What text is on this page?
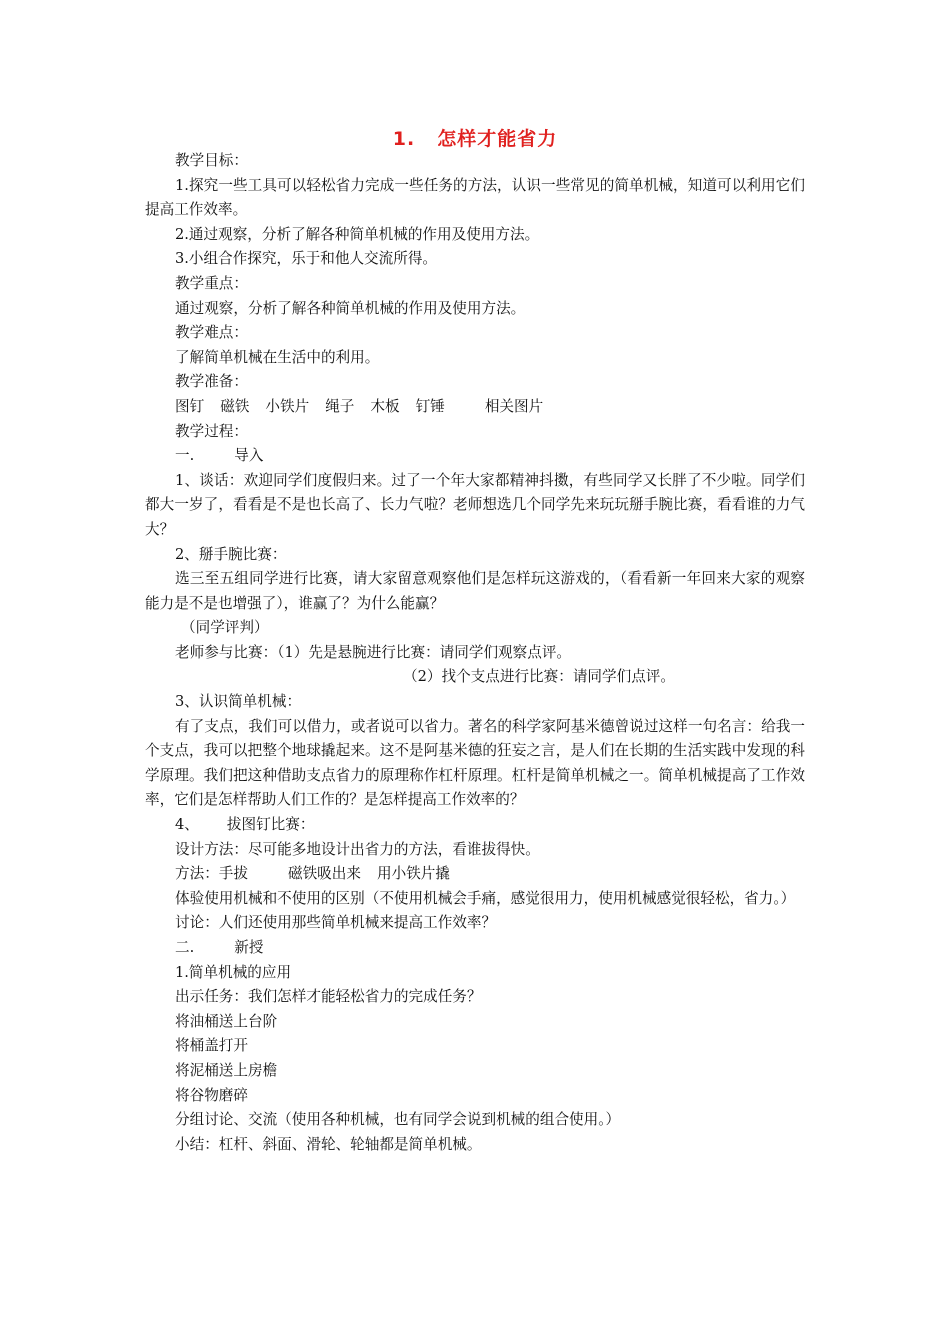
1. 怎样才能省力

教学目标：

1.探究一些工具可以轻松省力完成一些任务的方法，认识一些常见的简单机械，知道可以利用它们提高工作效率。

2.通过观察，分析了解各种简单机械的作用及使用方法。

3.小组合作探究，乐于和他人交流所得。

教学重点：

通过观察，分析了解各种简单机械的作用及使用方法。

教学难点：

了解简单机械在生活中的利用。

教学准备：

图钉 磁铁 小铁片 绳子 木板 钉锤	相关图片

教学过程：

一.	导入

1、谈话：欢迎同学们度假归来。过了一个年大家都精神抖擞，有些同学又长胖了不少啦。同学们都大一岁了，看看是不是也长高了、长力气啦？老师想选几个同学先来玩玩掰手腕比赛，看看谁的力气大？

2、掰手腕比赛：

选三至五组同学进行比赛，请大家留意观察他们是怎样玩这游戏的，（看看新一年回来大家的观察能力是不是也增强了），谁赢了？为什么能赢？

（同学评判）

老师参与比赛：（1）先是悬腕进行比赛：请同学们观察点评。

（2）找个支点进行比赛：请同学们点评。

3、认识简单机械：

有了支点，我们可以借力，或者说可以省力。著名的科学家阿基米德曾说过这样一句名言：给我一个支点，我可以把整个地球撬起来。这不是阿基米德的狂妄之言，是人们在长期的生活实践中发现的科学原理。我们把这种借助支点省力的原理称作杠杆原理。杠杆是简单机械之一。简单机械提高了工作效率，它们是怎样帮助人们工作的？是怎样提高工作效率的？

4、 拔图钉比赛：

设计方法：尽可能多地设计出省力的方法，看谁拔得快。

方法：手拔	磁铁吸出来 用小铁片撬

体验使用机械和不使用的区别（不使用机械会手痛，感觉很用力，使用机械感觉很轻松，省力。）

讨论：人们还使用那些简单机械来提高工作效率？

二.	新授

1.简单机械的应用

出示任务：我们怎样才能轻松省力的完成任务？

将油桶送上台阶

将桶盖打开

将泥桶送上房檐

将谷物磨碎

分组讨论、交流（使用各种机械，也有同学会说到机械的组合使用。）

小结：杠杆、斜面、滑轮、轮轴都是简单机械。
